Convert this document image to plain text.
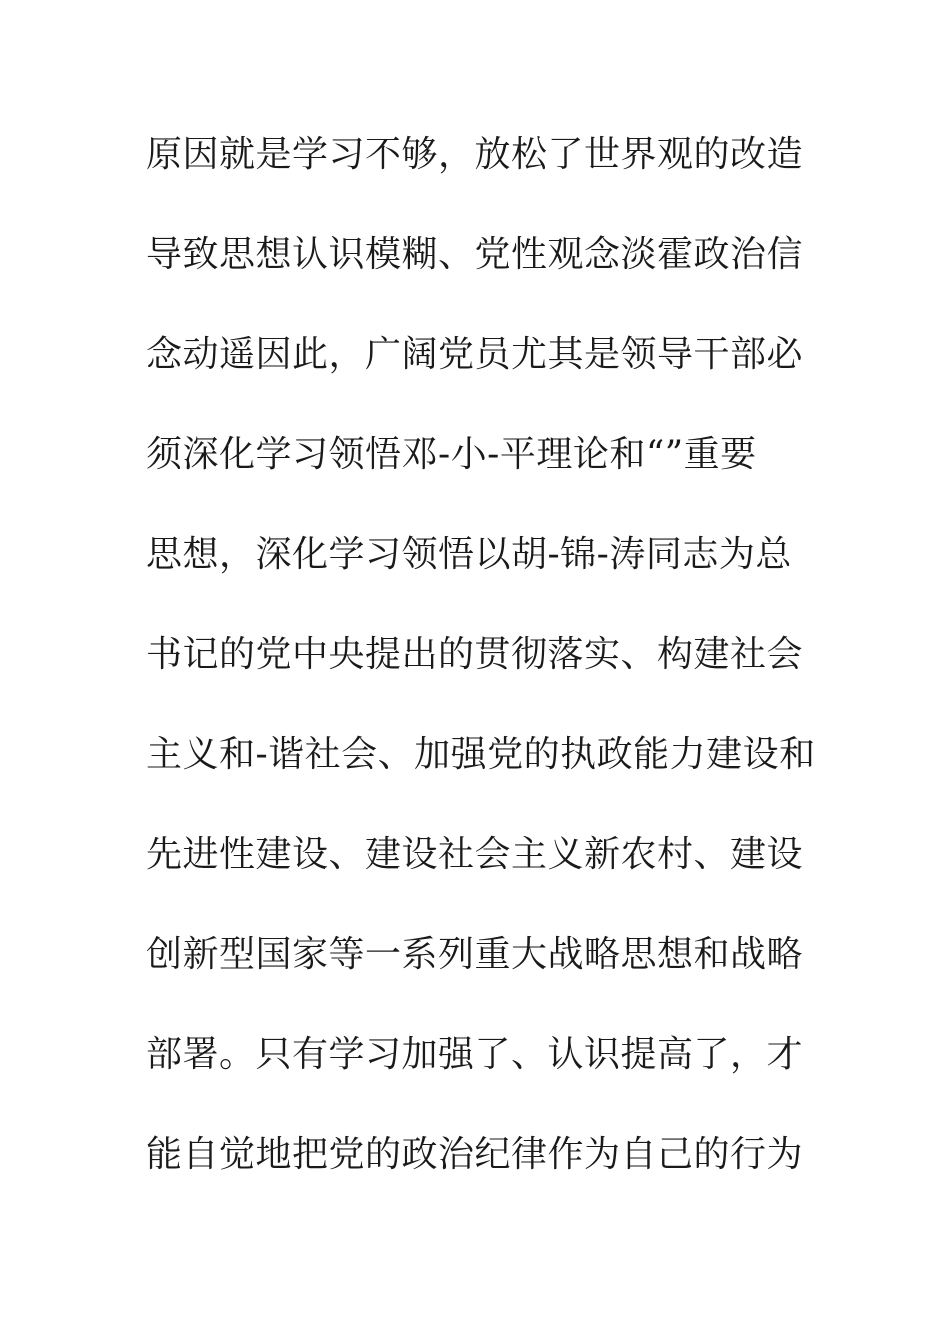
原因就是学习不够，放松了世界观的改造
导致思想认识模糊、党性观念淡霍政治信
念动遥因此，广阔党员尤其是领导干部必
须深化学习领悟邓-小-平理论和“”重要
思想，深化学习领悟以胡-锦-涛同志为总
书记的党中央提出的贯彻落实、构建社会
主义和-谐社会、加强党的执政能力建设和
先进性建设、建设社会主义新农村、建设
创新型国家等一系列重大战略思想和战略
部署。只有学习加强了、认识提高了，才
能自觉地把党的政治纪律作为自己的行为
